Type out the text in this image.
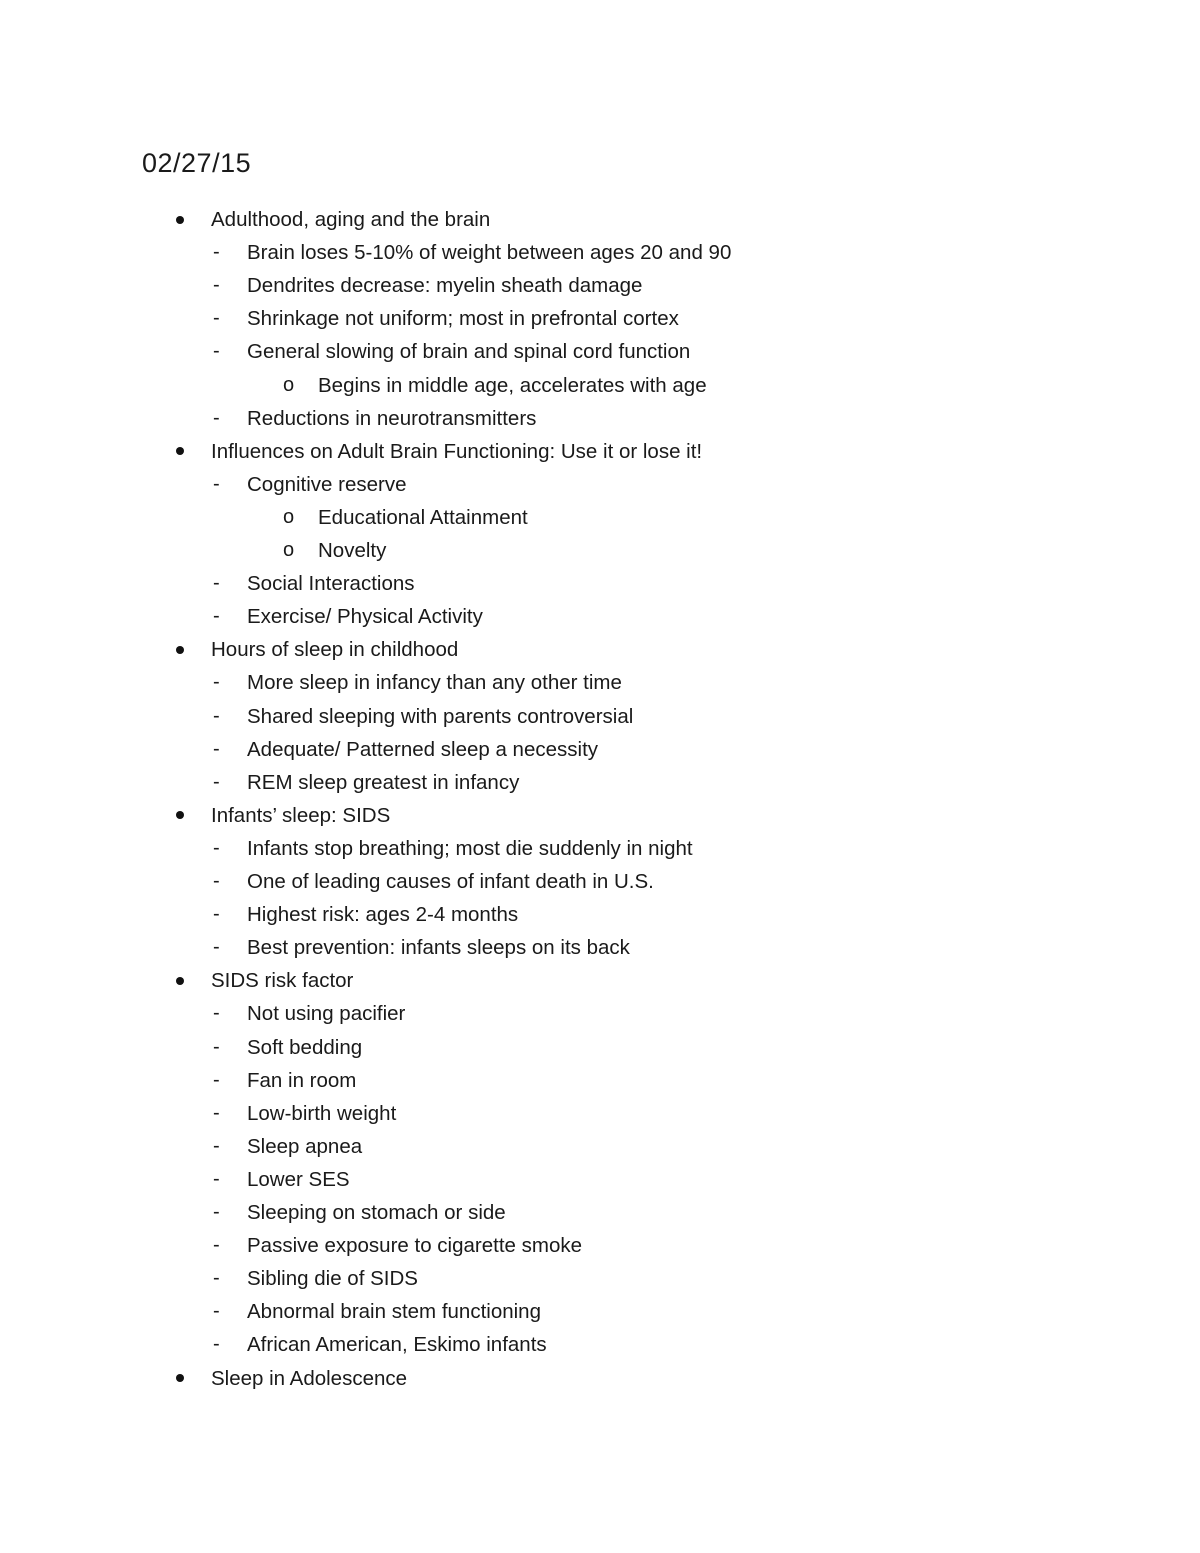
02/27/15
Adulthood, aging and the brain
- Brain loses 5-10% of weight between ages 20 and 90
- Dendrites decrease: myelin sheath damage
- Shrinkage not uniform; most in prefrontal cortex
- General slowing of brain and spinal cord function
o Begins in middle age, accelerates with age
- Reductions in neurotransmitters
Influences on Adult Brain Functioning: Use it or lose it!
- Cognitive reserve
o Educational Attainment
o Novelty
- Social Interactions
- Exercise/ Physical Activity
Hours of sleep in childhood
- More sleep in infancy than any other time
- Shared sleeping with parents controversial
- Adequate/ Patterned sleep a necessity
- REM sleep greatest in infancy
Infants’ sleep: SIDS
- Infants stop breathing; most die suddenly in night
- One of leading causes of infant death in U.S.
- Highest risk: ages 2-4 months
- Best prevention: infants sleeps on its back
SIDS risk factor
- Not using pacifier
- Soft bedding
- Fan in room
- Low-birth weight
- Sleep apnea
- Lower SES
- Sleeping on stomach or side
- Passive exposure to cigarette smoke
- Sibling die of SIDS
- Abnormal brain stem functioning
- African American, Eskimo infants
Sleep in Adolescence
